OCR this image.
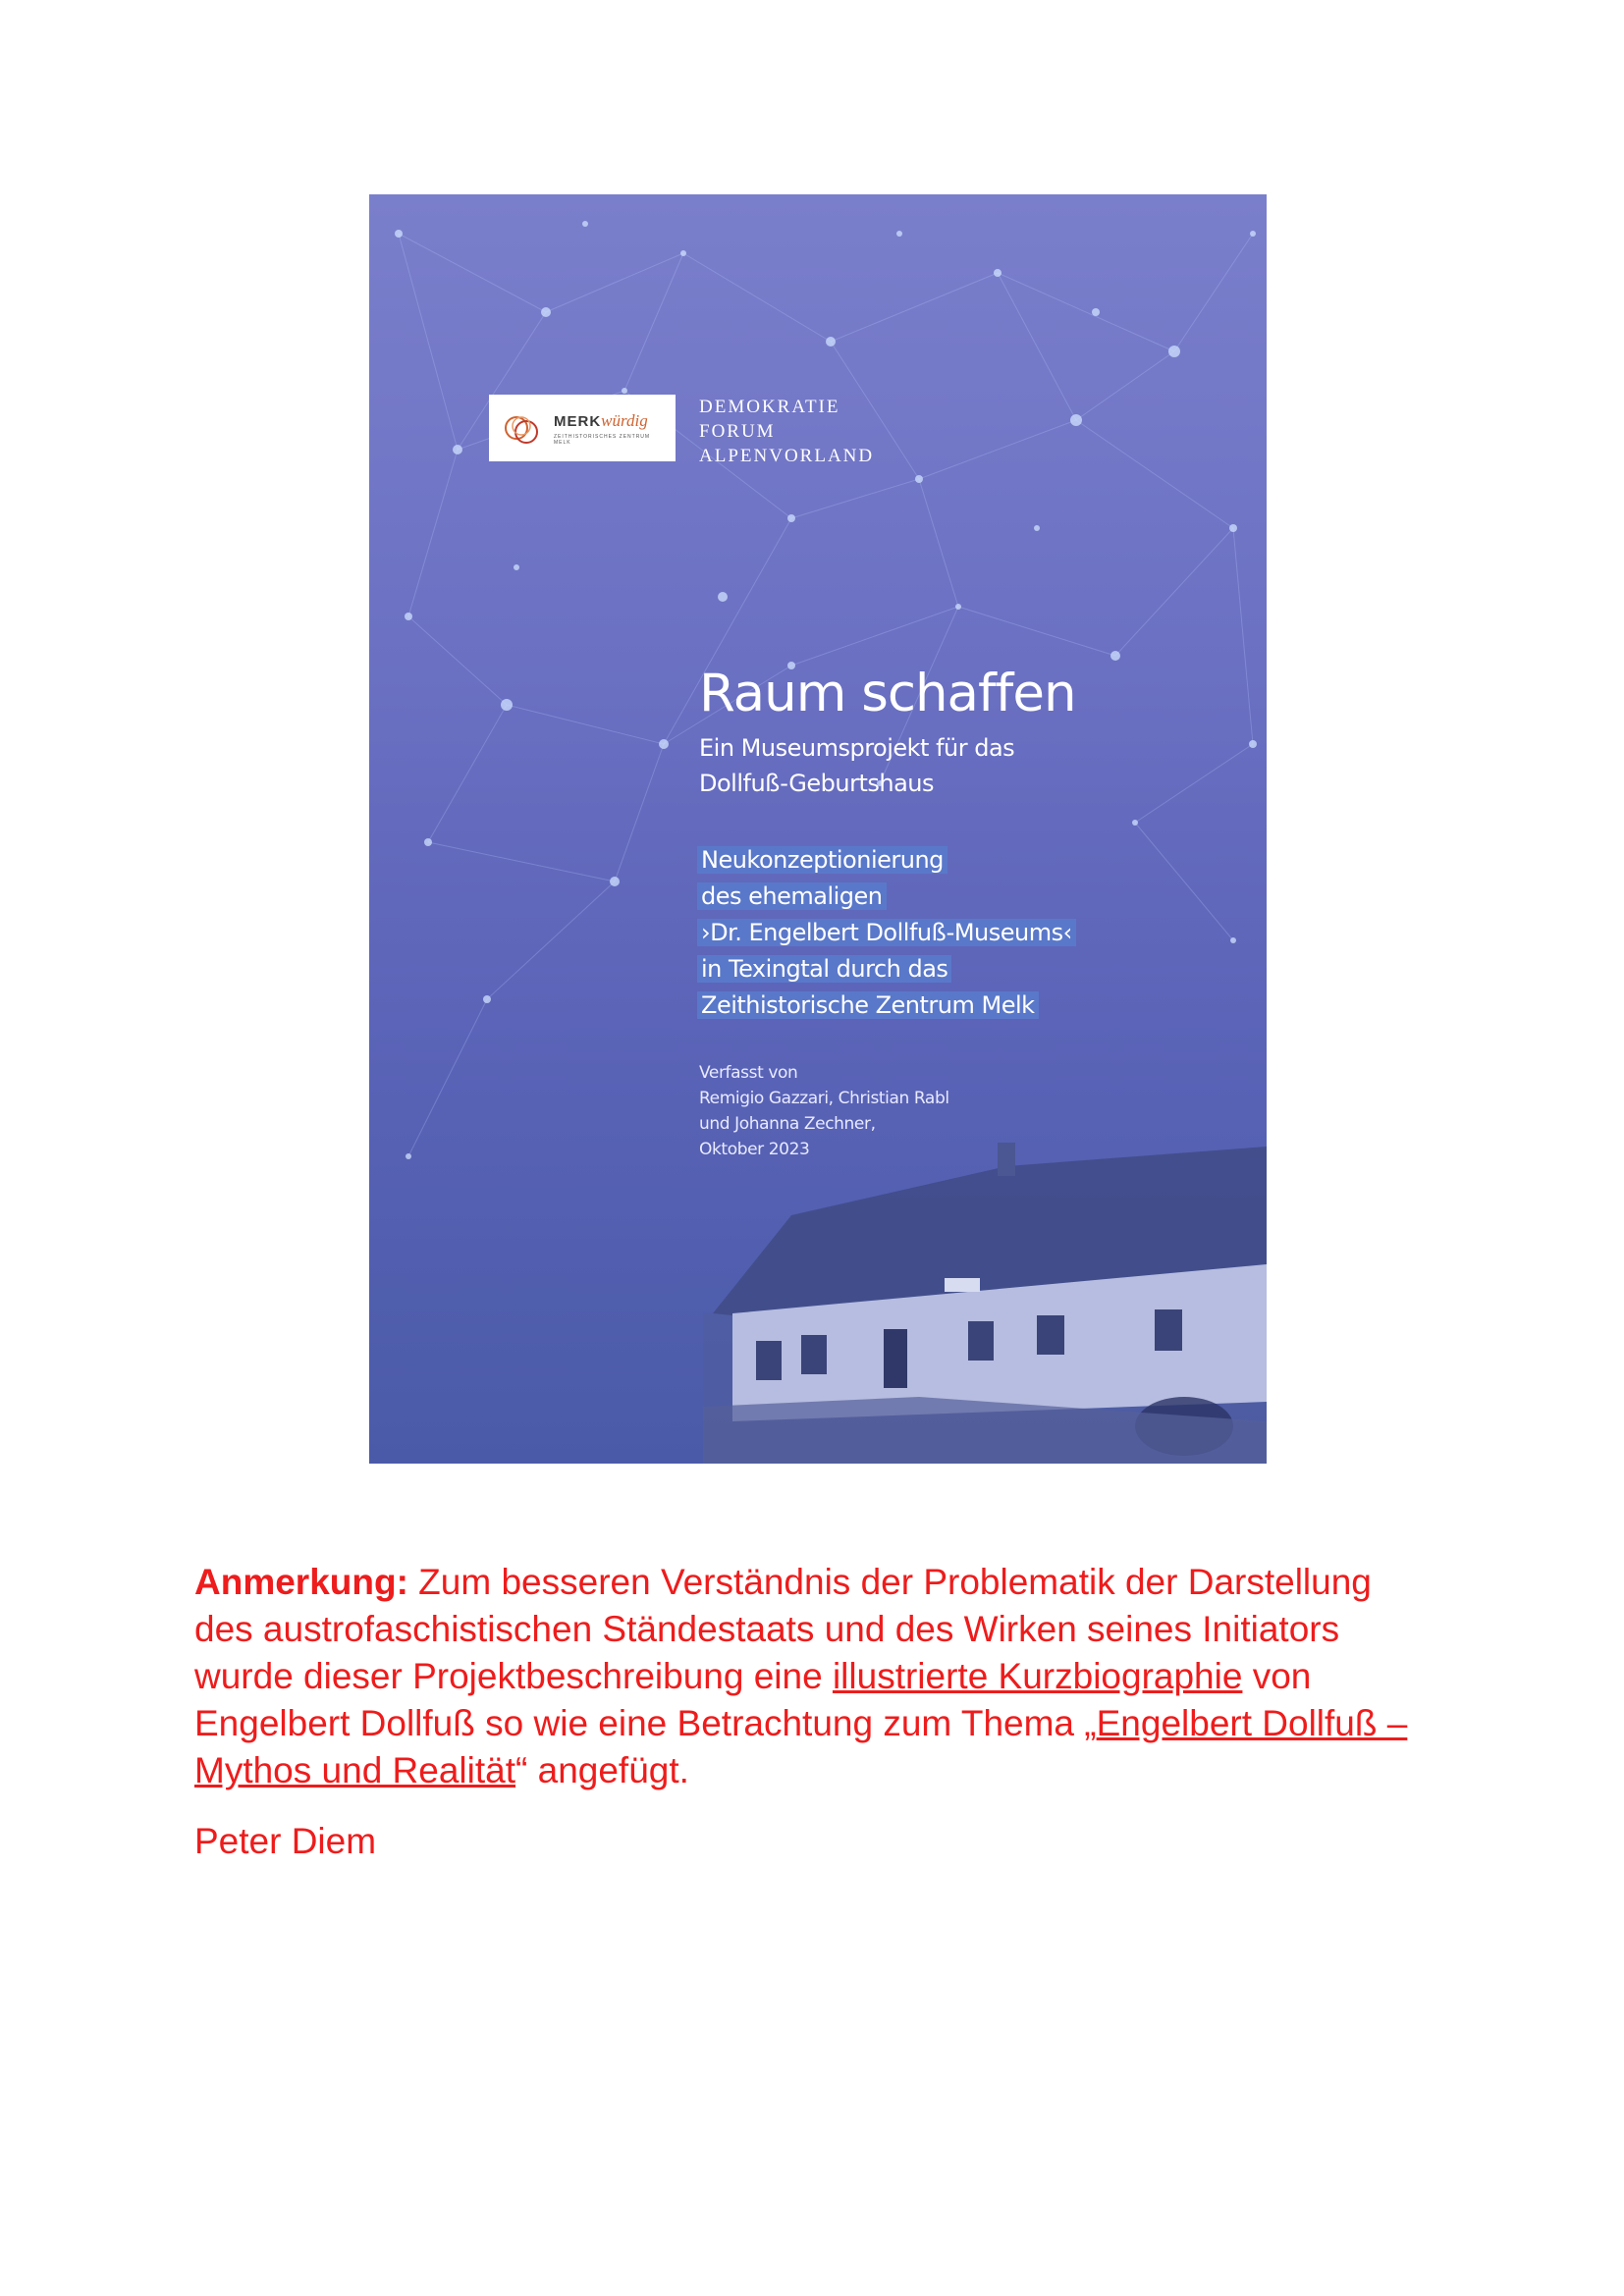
MERKwürdig
ZEITHISTORISCHES ZENTRUM MELK
DEMOKRATIE
FORUM
ALPENVORLAND
Raum schaffen
Ein Museumsprojekt für das
Dollfuß-Geburtshaus
Neukonzeptionierung
des ehemaligen
›Dr. Engelbert Dollfuß-Museums‹
in Texingtal durch das
Zeithistorische Zentrum Melk
Verfasst von
Remigio Gazzari, Christian Rabl
und Johanna Zechner,
Oktober 2023
Anmerkung: Zum besseren Verständnis der Problematik der Darstellung des austrofaschistischen Ständestaats und des Wirken seines Initiators wurde dieser Projektbeschreibung eine illustrierte Kurzbiographie von Engelbert Dollfuß so wie eine Betrachtung zum Thema „Engelbert Dollfuß – Mythos und Realität“ angefügt.
Peter Diem
